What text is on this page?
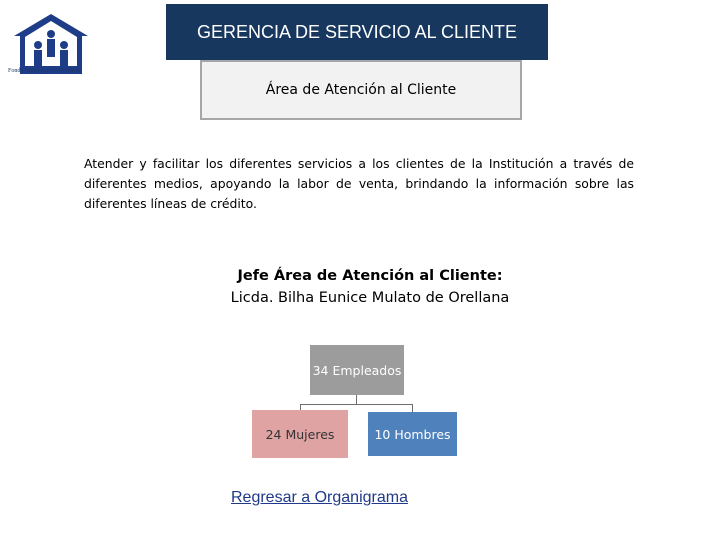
Fondo Social para la Vivienda
GERENCIA DE SERVICIO AL CLIENTE
Área de Atención al Cliente
Atender y facilitar los diferentes servicios a los clientes de la Institución a través de diferentes medios, apoyando la labor de venta, brindando la información sobre las diferentes líneas de crédito.
Jefe Área de Atención al Cliente:
Licda. Bilha Eunice Mulato de Orellana
34 Empleados
24 Mujeres	10 Hombres
Regresar a Organigrama
